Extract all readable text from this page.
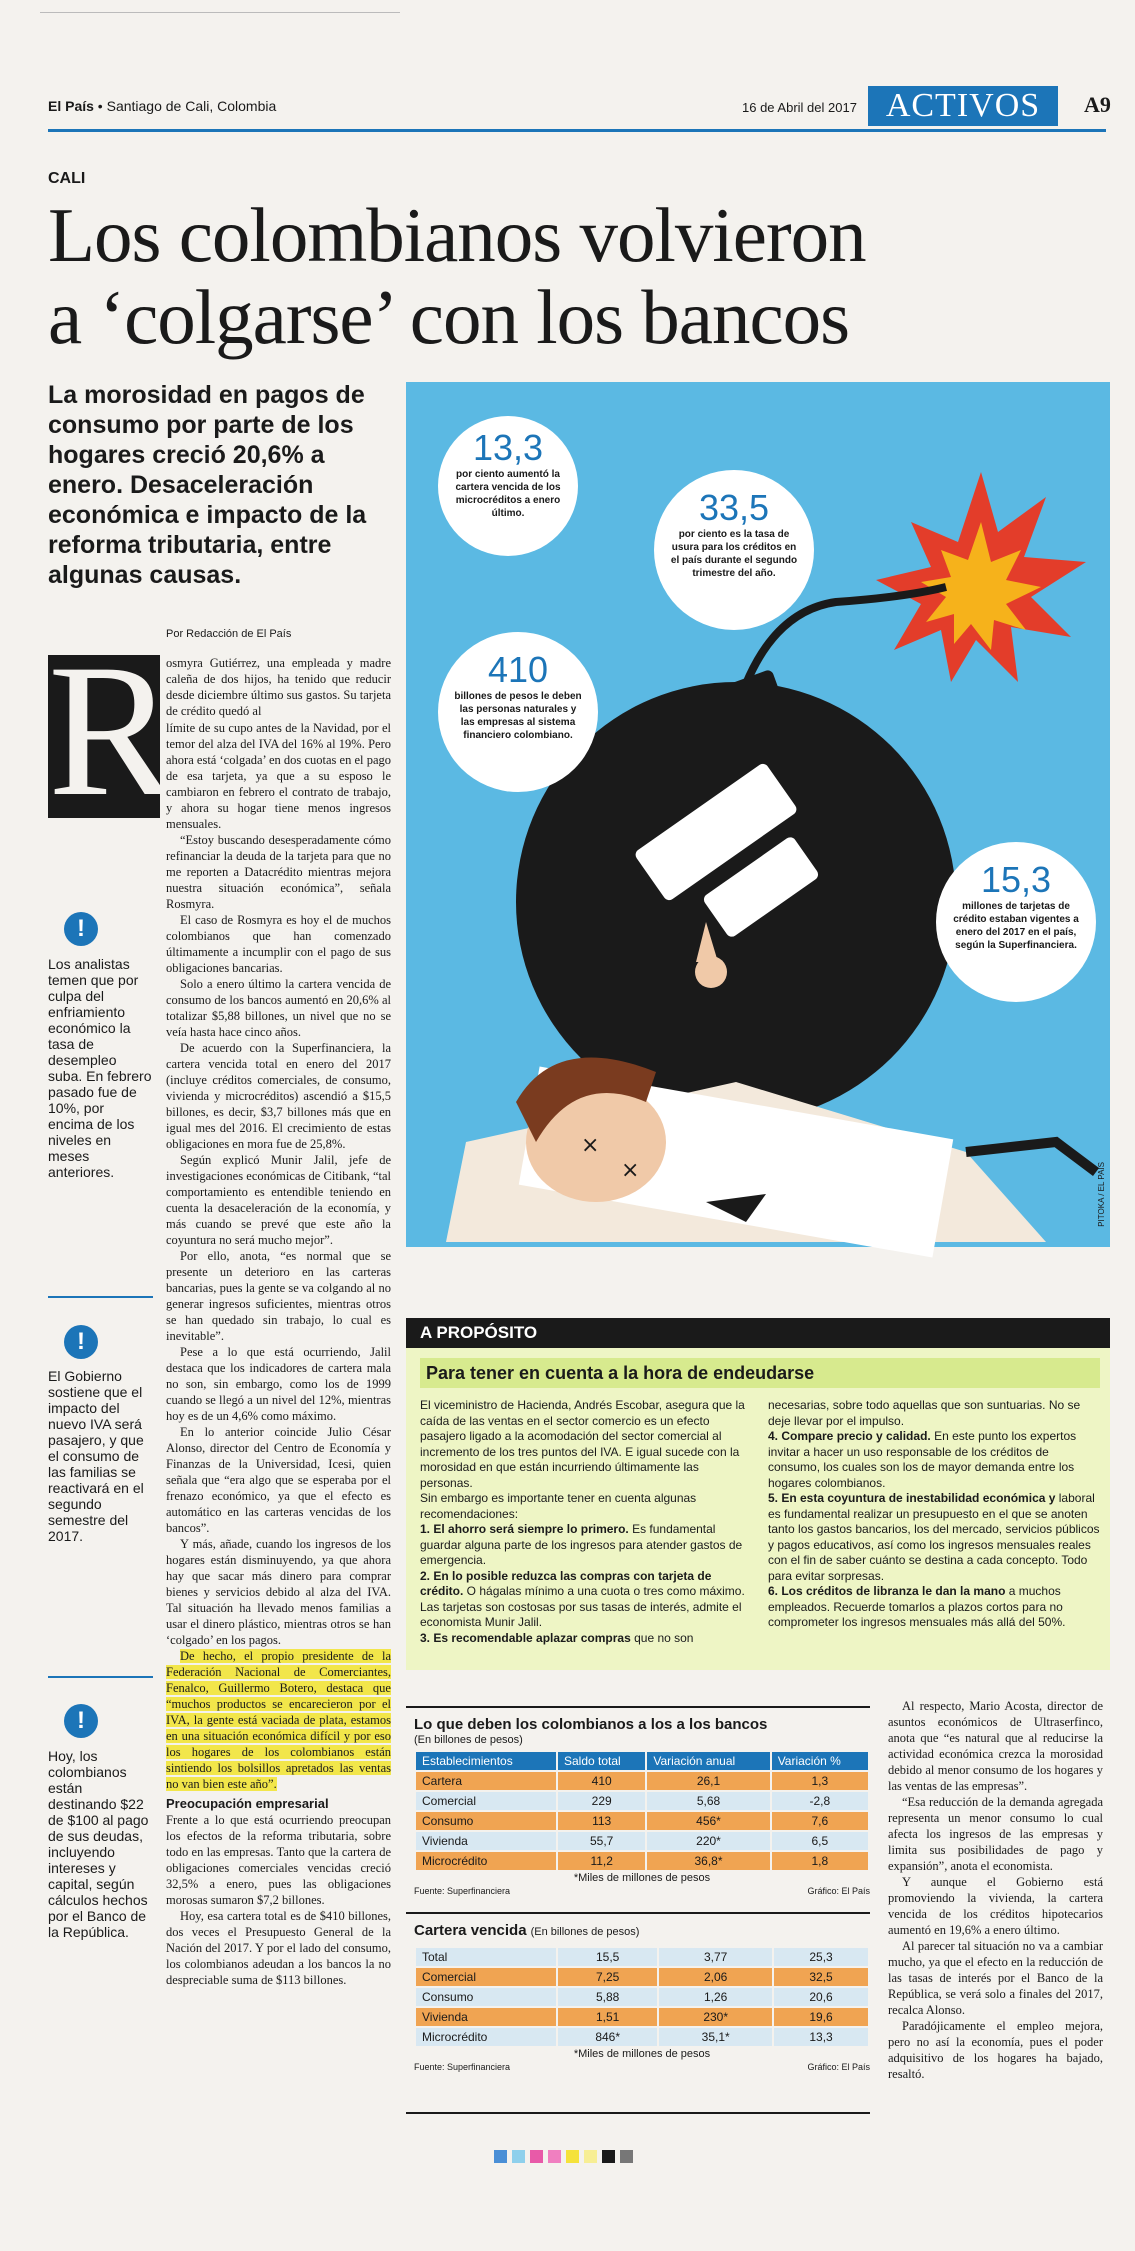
El País • Santiago de Cali, Colombia	16 de Abril del 2017 ACTIVOS	A9
CALI
Los colombianos volvieron
a ‘colgarse’ con los bancos
La morosidad en pagos de consumo por parte de los hogares creció 20,6% a enero. Desaceleración económica e impacto de la reforma tributaria, entre algunas causas.
Por Redacción de El País
R

osmyra Gutiérrez, una empleada y madre caleña de dos hijos, ha tenido que reducir desde diciembre último sus gastos. Su tarjeta de crédito quedó al

límite de su cupo antes de la Navidad, por el temor del alza del IVA del 16% al 19%. Pero ahora está ‘colgada’ en dos cuotas en el pago de esa tarjeta, ya que a su esposo le cambiaron en febrero el contrato de trabajo, y ahora su hogar tiene menos ingresos mensuales.

“Estoy buscando desesperadamente cómo refinanciar la deuda de la tarjeta para que no me reporten a Datacrédito mientras mejora nuestra situación económica”, señala Rosmyra.

El caso de Rosmyra es hoy el de muchos colombianos que han comenzado últimamente a incumplir con el pago de sus obligaciones bancarias.

Solo a enero último la cartera vencida de consumo de los bancos aumentó en 20,6% al totalizar $5,88 billones, un nivel que no se veía hasta hace cinco años.

De acuerdo con la Superfinanciera, la cartera vencida total en enero del 2017 (incluye créditos comerciales, de consumo, vivienda y microcréditos) ascendió a $15,5 billones, es decir, $3,7 billones más que en igual mes del 2016. El crecimiento de estas obligaciones en mora fue de 25,8%.

Según explicó Munir Jalil, jefe de investigaciones económicas de Citibank, “tal comportamiento es entendible teniendo en cuenta la desaceleración de la economía, y más cuando se prevé que este año la coyuntura no será mucho mejor”.

Por ello, anota, “es normal que se presente un deterioro en las carteras bancarias, pues la gente se va colgando al no generar ingresos suficientes, mientras otros se han quedado sin trabajo, lo cual es inevitable”.

Pese a lo que está ocurriendo, Jalil destaca que los indicadores de cartera mala no son, sin embargo, como los de 1999 cuando se llegó a un nivel del 12%, mientras hoy es de un 4,6% como máximo.

En lo anterior coincide Julio César Alonso, director del Centro de Economía y Finanzas de la Universidad, Icesi, quien señala que “era algo que se esperaba por el frenazo económico, ya que el efecto es automático en las carteras vencidas de los bancos”.

Y más, añade, cuando los ingresos de los hogares están disminuyendo, ya que ahora hay que sacar más dinero para comprar bienes y servicios debido al alza del IVA. Tal situación ha llevado menos familias a usar el dinero plástico, mientras otros se han ‘colgado’ en los pagos.

De hecho, el propio presidente de la Federación Nacional de Comerciantes, Fenalco, Guillermo Botero, destaca que “muchos productos se encarecieron por el IVA, la gente está vaciada de plata, estamos en una situación económica difícil y por eso los hogares de los colombianos están sintiendo los bolsillos apretados las ventas no van bien este año”.

Preocupación empresarial

Frente a lo que está ocurriendo preocupan los efectos de la reforma tributaria, sobre todo en las empresas. Tanto que la cartera de obligaciones comerciales vencidas creció 32,5% a enero, pues las obligaciones morosas sumaron $7,2 billones.

Hoy, esa cartera total es de $410 billones, dos veces el Presupuesto General de la Nación del 2017. Y por el lado del consumo, los colombianos adeudan a los bancos la no despreciable suma de $113 billones.

!
Los analistas temen que por culpa del enfriamiento económico la tasa de desempleo suba. En febrero pasado fue de 10%, por encima de los niveles en meses anteriores.
!
El Gobierno sostiene que el impacto del nuevo IVA será pasajero, y que el consumo de las familias se reactivará en el segundo semestre del 2017.
!
Hoy, los colombianos están destinando $22 de $100 al pago de sus deudas, incluyendo intereses y capital, según cálculos hechos por el Banco de la República.
×
×
13,3
por ciento aumentó la cartera vencida de los microcréditos a enero último.	33,5
por ciento es la tasa de usura para los créditos en el país durante el segundo trimestre del año.
410
billones de pesos le deben las personas naturales y las empresas al sistema financiero colombiano.
15,3
millones de tarjetas de crédito estaban vigentes a enero del 2017 en el país, según la Superfinanciera.
PITOKA / EL PAÍS
A PROPÓSITO
Para tener en cuenta a la hora de endeudarse
El viceministro de Hacienda, Andrés Escobar, asegura que la caída de las ventas en el sector comercio es un efecto pasajero ligado a la acomodación del sector comercial al incremento de los tres puntos del IVA. E igual sucede con la morosidad en que están incurriendo últimamente las personas.
Sin embargo es importante tener en cuenta algunas recomendaciones:
1. El ahorro será siempre lo primero. Es fundamental guardar alguna parte de los ingresos para atender gastos de emergencia.
2. En lo posible reduzca las compras con tarjeta de crédito. O hágalas mínimo a una cuota o tres como máximo. Las tarjetas son costosas por sus tasas de interés, admite el economista Munir Jalil.
3. Es recomendable aplazar compras que no son
necesarias, sobre todo aquellas que son suntuarias. No se deje llevar por el impulso.
4. Compare precio y calidad. En este punto los expertos invitar a hacer un uso responsable de los créditos de consumo, los cuales son los de mayor demanda entre los hogares colombianos.
5. En esta coyuntura de inestabilidad económica y laboral es fundamental realizar un presupuesto en el que se anoten tanto los gastos bancarios, los del mercado, servicios públicos y pagos educativos, así como los ingresos mensuales reales con el fin de saber cuánto se destina a cada concepto. Todo para evitar sorpresas.
6. Los créditos de libranza le dan la mano a muchos empleados. Recuerde tomarlos a plazos cortos para no comprometer los ingresos mensuales más allá del 50%.
Lo que deben los colombianos a los a los bancos
(En billones de pesos)
Establecimientos	Saldo total	Variación anual	Variación %
Cartera	410	26,1	1,3
Comercial	229	5,68	-2,8
Consumo	113	456*	7,6
Vivienda	55,7	220*	6,5
Microcrédito	11,2	36,8*	1,8
*Miles de millones de pesos
Fuente: Superfinanciera	Gráfico: El País
Cartera vencida (En billones de pesos)
Total	15,5	3,77	25,3
Comercial	7,25	2,06	32,5
Consumo	5,88	1,26	20,6
Vivienda	1,51	230*	19,6
Microcrédito	846*	35,1*	13,3
*Miles de millones de pesos
Fuente: Superfinanciera	Gráfico: El País

Al respecto, Mario Acosta, director de asuntos económicos de Ultraserfinco, anota que “es natural que al reducirse la actividad económica crezca la morosidad debido al menor consumo de los hogares y las ventas de las empresas”.

“Esa reducción de la demanda agregada representa un menor consumo lo cual afecta los ingresos de las empresas y limita sus posibilidades de pago y expansión”, anota el economista.

Y aunque el Gobierno está promoviendo la vivienda, la cartera vencida de los créditos hipotecarios aumentó en 19,6% a enero último.

Al parecer tal situación no va a cambiar mucho, ya que el efecto en la reducción de las tasas de interés por el Banco de la República, se verá solo a finales del 2017, recalca Alonso.

Paradójicamente el empleo mejora, pero no así la economía, pues el poder adquisitivo de los hogares ha bajado, resaltó.
